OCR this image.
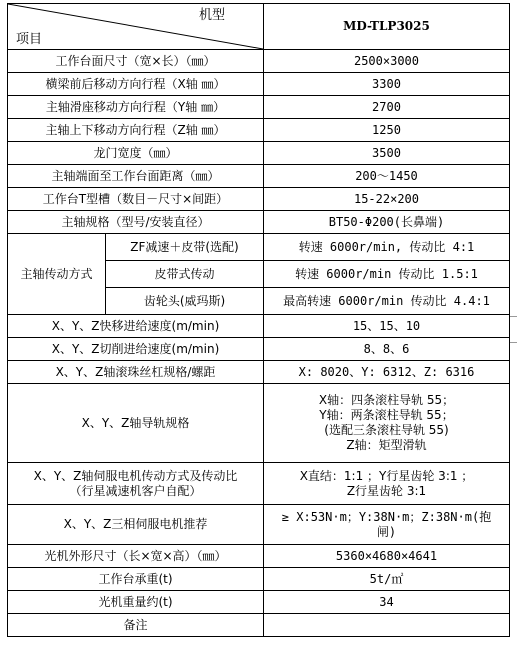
机型
项目		MD-TLP3025
工作台面尺寸（宽×长）（㎜）		2500×3000
横梁前后移动方向行程（X轴 ㎜）		3300
主轴滑座移动方向行程（Y轴 ㎜）		2700
主轴上下移动方向行程（Z轴 ㎜）		1250
龙门宽度（㎜）		3500
主轴端面至工作台面距离（㎜）		200～1450
工作台T型槽（数目－尺寸×间距）		15-22×200
主轴规格（型号/安装直径）		BT50-Φ200(长鼻端)
主轴传动方式	ZF减速＋皮带(选配)	转速 6000r/min, 传动比 4:1
	皮带式传动	转速 6000r/min 传动比 1.5:1
	齿轮头(威玛斯)	最高转速 6000r/min 传动比 4.4:1
X、Y、Z快移进给速度(m/min)		15、15、10
X、Y、Z切削进给速度(m/min)		8、8、6
X、Y、Z轴滚珠丝杠规格/螺距		X: 8020、Y: 6312、Z: 6316
X、Y、Z轴导轨规格		X轴：四条滚柱导轨 55；
Y轴：两条滚柱导轨 55；
(选配三条滚柱导轨 55)
Z轴：矩型滑轨

X、Y、Z轴伺服电机传动方式及传动比
（行星减速机客户自配）		X直结：1:1 ；Y行星齿轮 3:1 ；
Z行星齿轮 3:1

X、Y、Z三相伺服电机推荐		≥ X:53N·m；Y:38N·m；Z:38N·m(抱
闸)

光机外形尺寸（长×宽×高）（㎜）		5360×4680×4641
工作台承重(t)		5t/㎡
光机重量约(t)		34
备注		
